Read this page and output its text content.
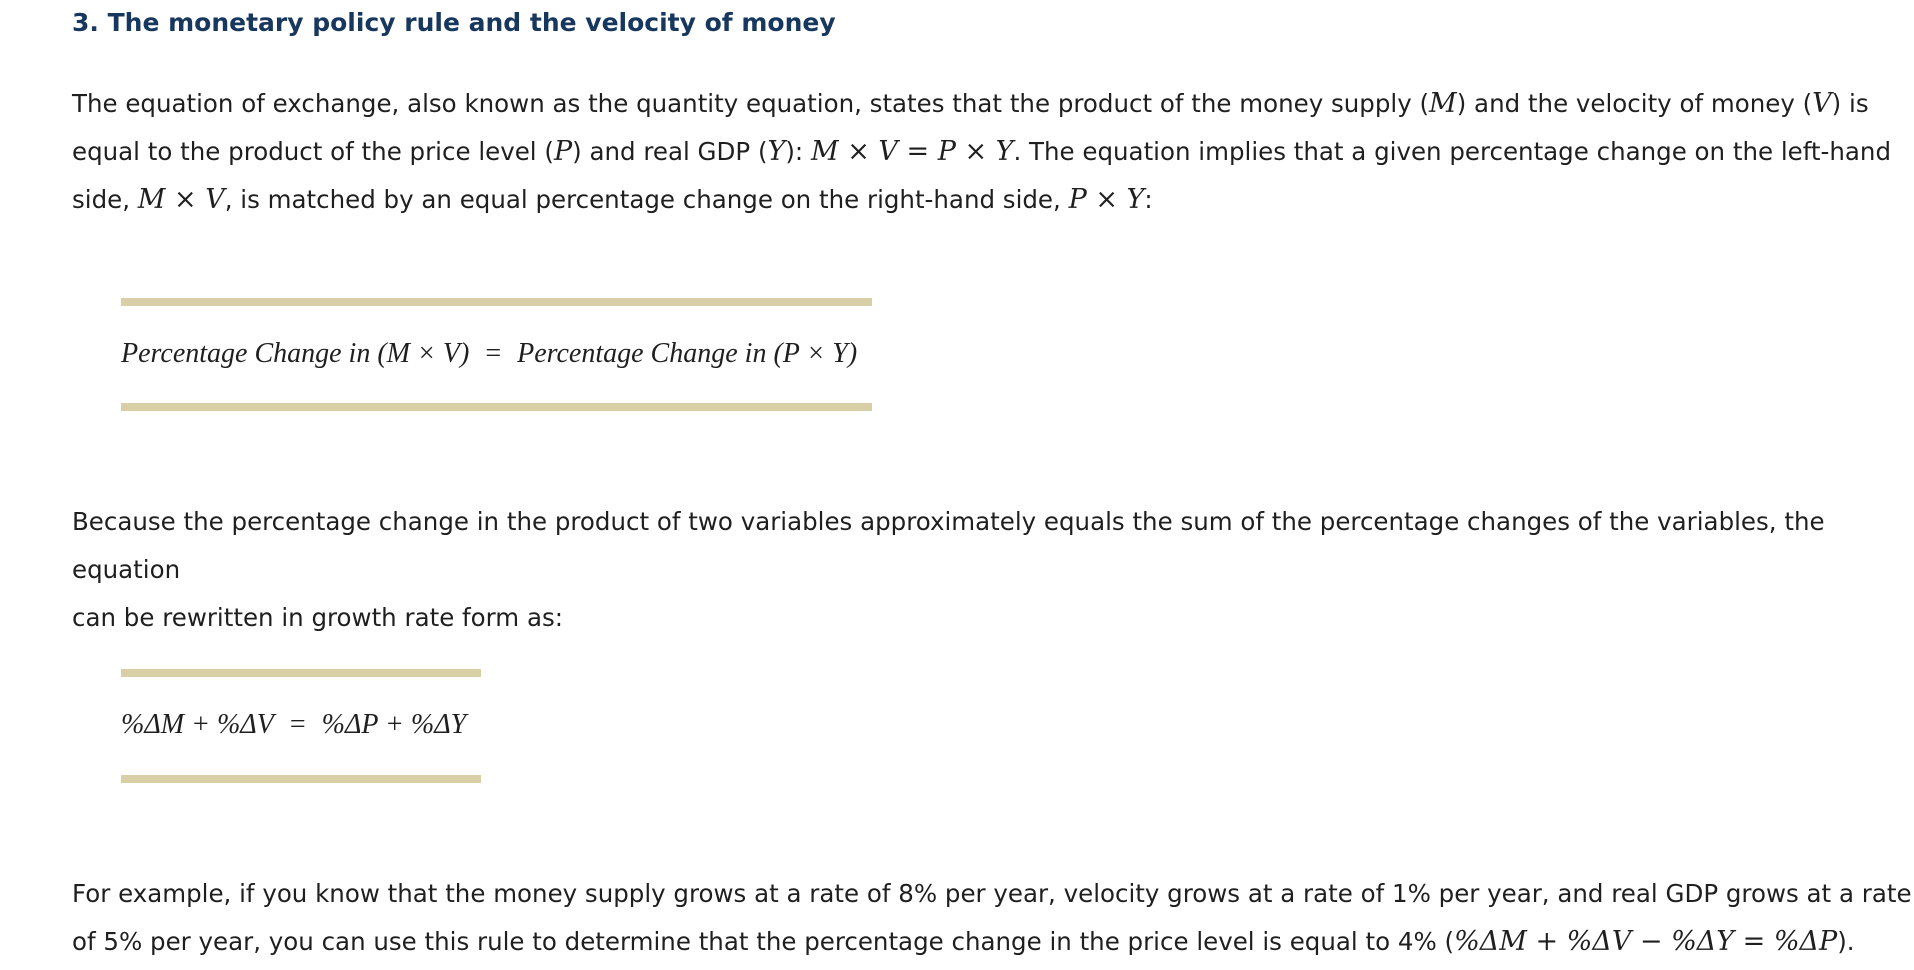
3. The monetary policy rule and the velocity of money

The equation of exchange, also known as the quantity equation, states that the product of the money supply (M) and the velocity of money (V) is
equal to the product of the price level (P) and real GDP (Y): M × V = P × Y. The equation implies that a given percentage change on the left-hand
side, M × V, is matched by an equal percentage change on the right-hand side, P × Y:

Percentage Change in (M × V) = Percentage Change in (P × Y)

Because the percentage change in the product of two variables approximately equals the sum of the percentage changes of the variables, the equation
can be rewritten in growth rate form as:

%ΔM + %ΔV = %ΔP + %ΔY

For example, if you know that the money supply grows at a rate of 8% per year, velocity grows at a rate of 1% per year, and real GDP grows at a rate
of 5% per year, you can use this rule to determine that the percentage change in the price level is equal to 4% (%ΔM + %ΔV − %ΔY = %ΔP).
